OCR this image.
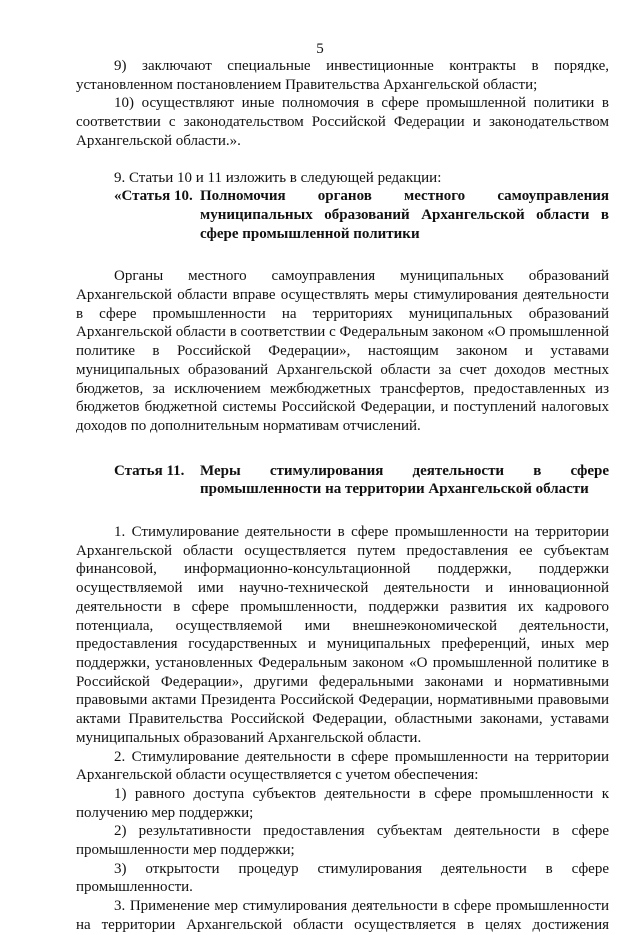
5

9) заключают специальные инвестиционные контракты в порядке, установленном постановлением Правительства Архангельской области;

10) осуществляют иные полномочия в сфере промышленной политики в соответствии с законодательством Российской Федерации и законодательством Архангельской области.».

9. Статьи 10 и 11 изложить в следующей редакции:

«Статья 10. Полномочия органов местного самоуправления муниципальных образований Архангельской области в сфере промышленной политики

Органы местного самоуправления муниципальных образований Архангельской области вправе осуществлять меры стимулирования деятельности в сфере промышленности на территориях муниципальных образований Архангельской области в соответствии с Федеральным законом «О промышленной политике в Российской Федерации», настоящим законом и уставами муниципальных образований Архангельской области за счет доходов местных бюджетов, за исключением межбюджетных трансфертов, предоставленных из бюджетов бюджетной системы Российской Федерации, и поступлений налоговых доходов по дополнительным нормативам отчислений.

Статья 11.	Меры стимулирования деятельности в сфере промышленности на территории Архангельской области

1. Стимулирование деятельности в сфере промышленности на территории Архангельской области осуществляется путем предоставления ее субъектам финансовой, информационно-консультационной поддержки, поддержки осуществляемой ими научно-технической деятельности и инновационной деятельности в сфере промышленности, поддержки развития их кадрового потенциала, осуществляемой ими внешнеэкономической деятельности, предоставления государственных и муниципальных преференций, иных мер поддержки, установленных Федеральным законом «О промышленной политике в Российской Федерации», другими федеральными законами и нормативными правовыми актами Президента Российской Федерации, нормативными правовыми актами Правительства Российской Федерации, областными законами, уставами муниципальных образований Архангельской области.

2. Стимулирование деятельности в сфере промышленности на территории Архангельской области осуществляется с учетом обеспечения:

1) равного доступа субъектов деятельности в сфере промышленности к получению мер поддержки;

2) результативности предоставления субъектам деятельности в сфере промышленности мер поддержки;

3) открытости процедур стимулирования деятельности в сфере промышленности.

3. Применение мер стимулирования деятельности в сфере промышленности на территории Архангельской области осуществляется в целях достижения
